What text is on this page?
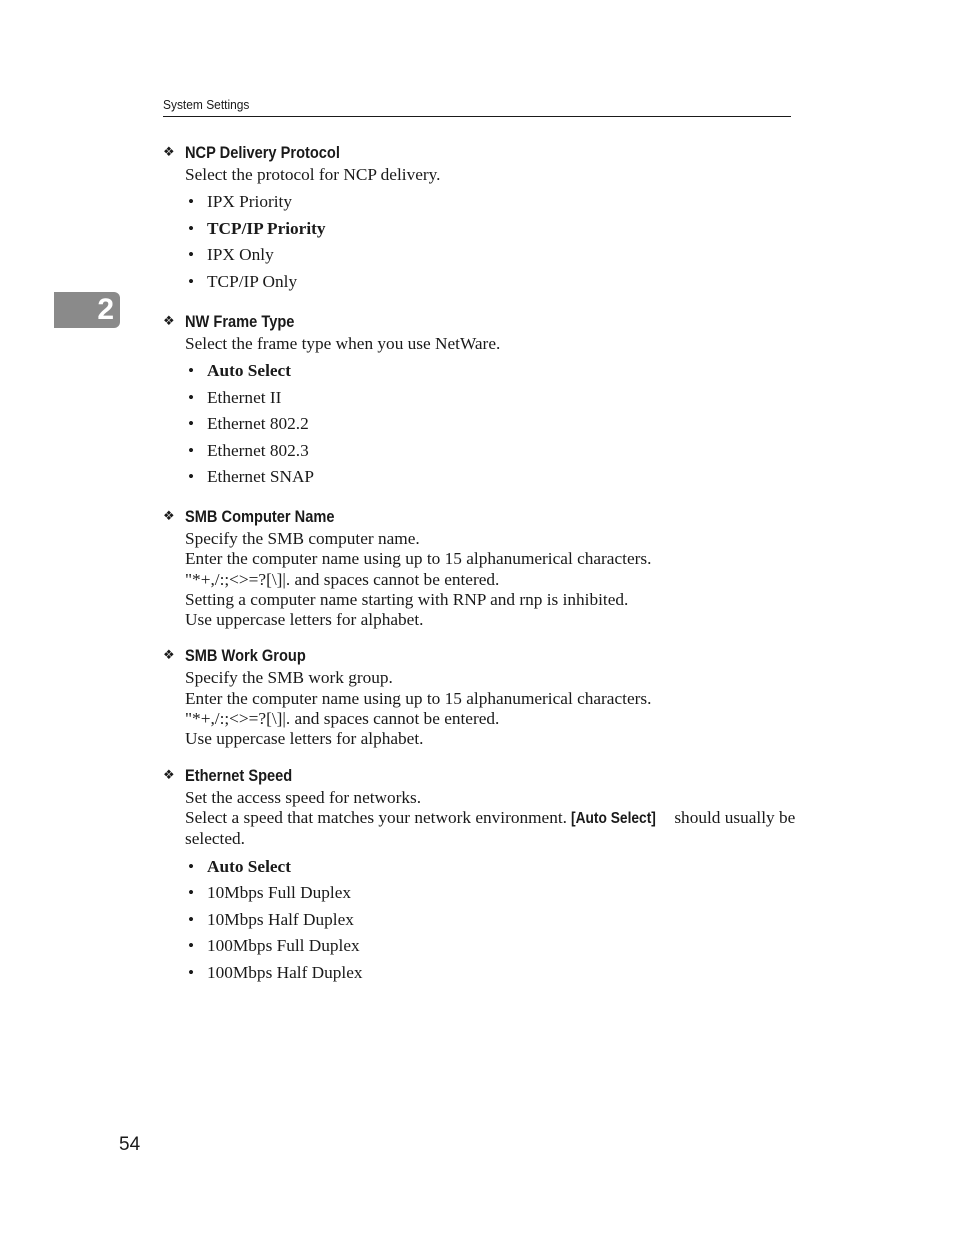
System Settings
2
❖ NCP Delivery Protocol

Select the protocol for NCP delivery.

• IPX Priority
• TCP/IP Priority
• IPX Only
• TCP/IP Only
❖ NW Frame Type

Select the frame type when you use NetWare.

• Auto Select
• Ethernet II
• Ethernet 802.2
• Ethernet 802.3
• Ethernet SNAP
❖ SMB Computer Name

Specify the SMB computer name.

Enter the computer name using up to 15 alphanumerical characters.

"*+,/:;<>=?[\]|. and spaces cannot be entered.

Setting a computer name starting with RNP and rnp is inhibited.

Use uppercase letters for alphabet.

❖ SMB Work Group

Specify the SMB work group.

Enter the computer name using up to 15 alphanumerical characters.

"*+,/:;<>=?[\]|. and spaces cannot be entered.

Use uppercase letters for alphabet.

❖ Ethernet Speed

Set the access speed for networks.

Select a speed that matches your network environment. [Auto Select] should usually be selected.

• Auto Select
• 10Mbps Full Duplex
• 10Mbps Half Duplex
• 100Mbps Full Duplex
• 100Mbps Half Duplex
54
